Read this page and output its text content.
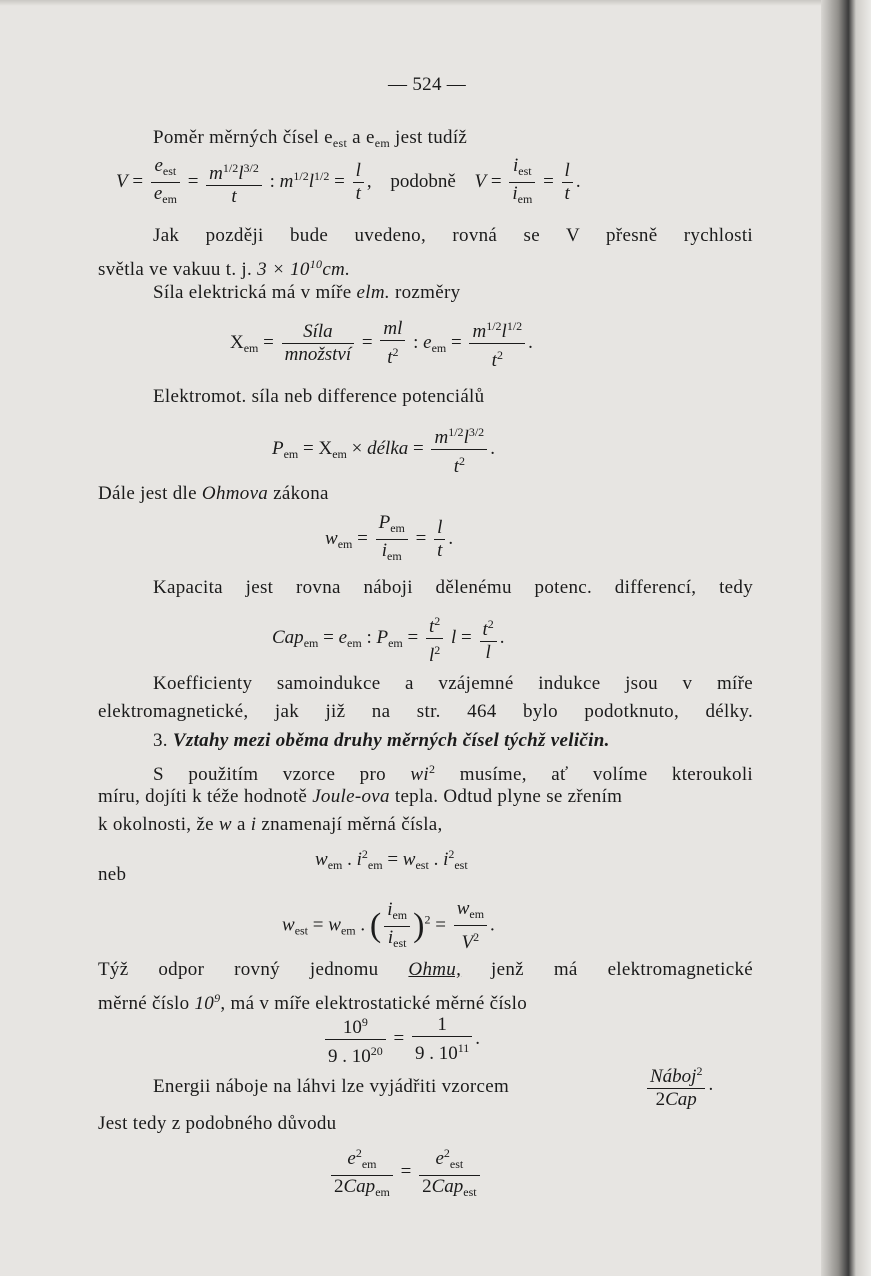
— 524 —
Poměr měrných čísel $e_{est}$ a $e_{em}$ jest tudíž
$V = \frac{e_{est}}{e_{em}} = \frac{m^{1/2}l^{3/2}}{t}$ : $m^{1/2}l^{1/2} = \frac{l}{t}$ , podobně $V = \frac{i_{est}}{i_{em}} = \frac{l}{t}$ .
Jak později bude uvedeno, rovná se V přesně rychlosti
světla ve vakuu t. j. $3 \times 10^{10}cm$.
Síla elektrická má v míře elm. rozměry
$X_{em} = \frac{\text{Síla}}{\text{množství}} = \frac{ml}{t^2}$ : $e_{em} = \frac{m^{1/2}l^{1/2}}{t^2}$ .
Elektromot. síla neb difference potenciálů
$P_{em} = X_{em}$ × délka = $\frac{m^{1/2}l^{3/2}}{t^2}$ .
Dále jest dle Ohmova zákona
$w_{em} = \frac{P_{em}}{i_{em}} = \frac{l}{t}$ .
Kapacita jest rovna náboji dělenému potenc. differencí, tedy
$Cap_{em} = e_{em}$ : $P_{em} = \frac{t^2}{l^2}$ $l = \frac{t^2}{l}$ .
Koefficienty samoindukce a vzájemné indukce jsou v míře
elektromagnetické, jak již na str. 464 bylo podotknuto, délky.
3. Vztahy mezi oběma druhy měrných čísel týchž veličin.
S použitím vzorce pro $wi^2$ musíme, ať volíme kteroukoli
míru, dojíti k téže hodnotě Joule-ova tepla. Odtud plyne se zřením
k okolnosti, že w a i znamenají měrná čísla,
$w_{em}$ . $i^2_{em} = w_{est}$ . $i^2_{est}$
neb
$w_{est} = w_{em}$ . ( $\frac{i_{em}}{i_{est}} )^2 = \frac{w_{em}}{V^2}$ .
Týž odpor rovný jednomu Ohmu, jenž má elektromagnetické
měrné číslo $10^9$, má v míře elektrostatické měrné číslo
$\frac{10^9}{9 . 10^{20}} = \frac{1}{9 . 10^{11}}$ .
Energii náboje na láhvi lze vyjádřiti vzorcem	$\frac{Náboj^2}{\text{2Cap}}$ .
Jest tedy z podobného důvodu
$\frac{e^2_{em}}{2Cap_{em}} = \frac{e^2_{est}}{2Cap_{est}}$
